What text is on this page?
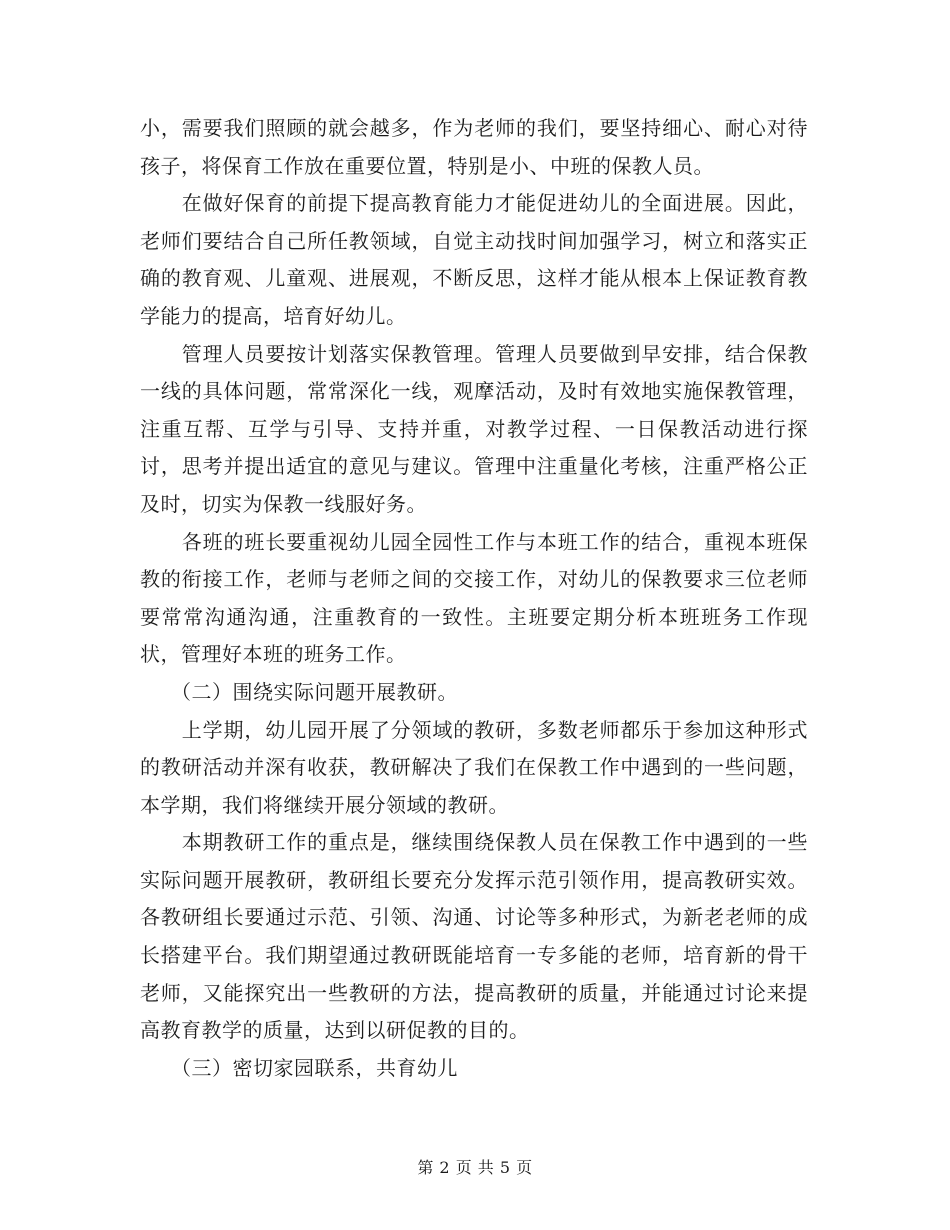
小，需要我们照顾的就会越多，作为老师的我们，要坚持细心、耐心对待孩子，将保育工作放在重要位置，特别是小、中班的保教人员。

　　在做好保育的前提下提高教育能力才能促进幼儿的全面进展。因此，老师们要结合自己所任教领域，自觉主动找时间加强学习，树立和落实正确的教育观、儿童观、进展观，不断反思，这样才能从根本上保证教育教学能力的提高，培育好幼儿。

　　管理人员要按计划落实保教管理。管理人员要做到早安排，结合保教一线的具体问题，常常深化一线，观摩活动，及时有效地实施保教管理，注重互帮、互学与引导、支持并重，对教学过程、一日保教活动进行探讨，思考并提出适宜的意见与建议。管理中注重量化考核，注重严格公正及时，切实为保教一线服好务。

　　各班的班长要重视幼儿园全园性工作与本班工作的结合，重视本班保教的衔接工作，老师与老师之间的交接工作，对幼儿的保教要求三位老师要常常沟通沟通，注重教育的一致性。主班要定期分析本班班务工作现状，管理好本班的班务工作。

　　（二）围绕实际问题开展教研。

　　上学期，幼儿园开展了分领域的教研，多数老师都乐于参加这种形式的教研活动并深有收获，教研解决了我们在保教工作中遇到的一些问题，本学期，我们将继续开展分领域的教研。

　　本期教研工作的重点是，继续围绕保教人员在保教工作中遇到的一些实际问题开展教研，教研组长要充分发挥示范引领作用，提高教研实效。各教研组长要通过示范、引领、沟通、讨论等多种形式，为新老老师的成长搭建平台。我们期望通过教研既能培育一专多能的老师，培育新的骨干老师，又能探究出一些教研的方法，提高教研的质量，并能通过讨论来提高教育教学的质量，达到以研促教的目的。

　　（三）密切家园联系，共育幼儿

第 2 页 共 5 页
